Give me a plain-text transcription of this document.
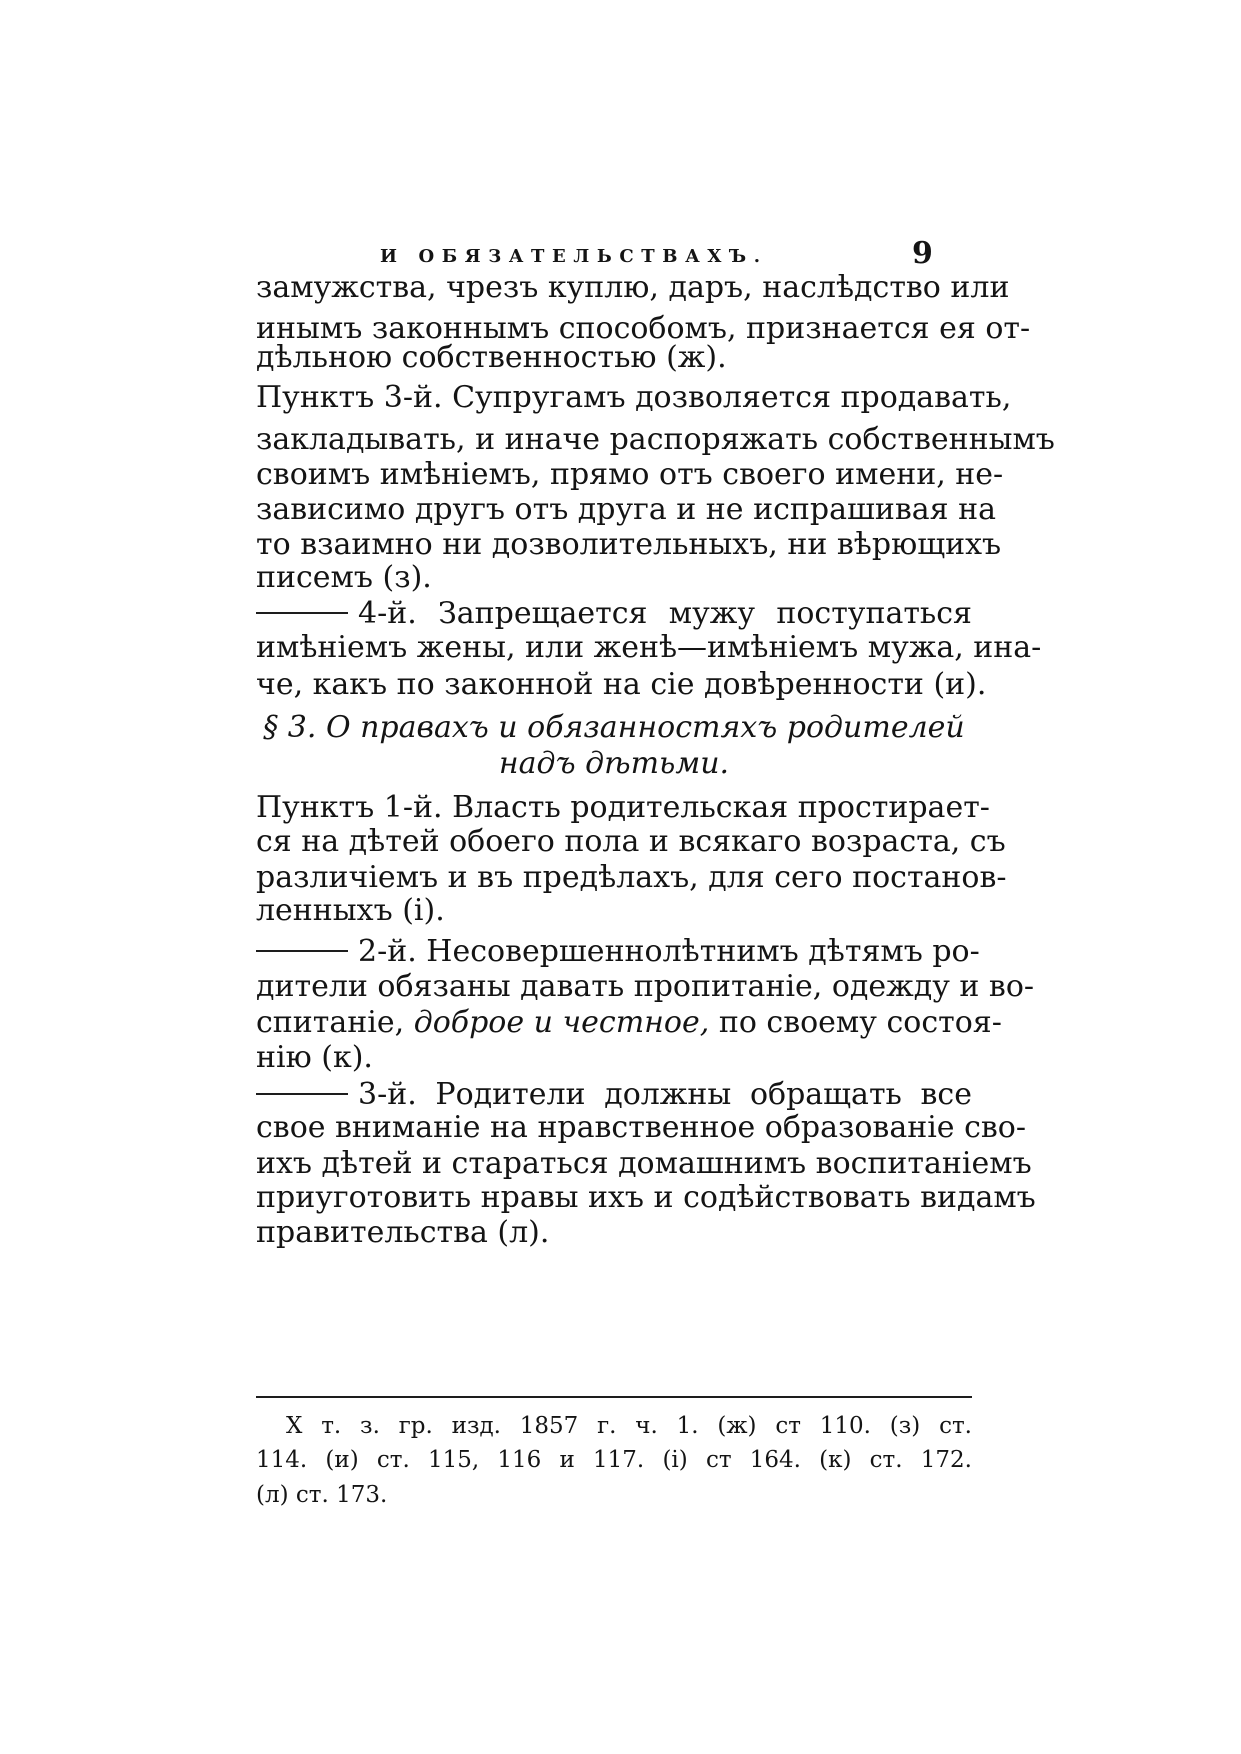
И ОБЯЗАТЕЛЬСТВАХЪ.	9
замужства, чрезъ куплю, даръ, наслѣдство или
инымъ законнымъ способомъ, признается ея от-
дѣльною собственностью (ж).
Пунктъ 3-й. Супругамъ дозволяется продавать,
закладывать, и иначе распоряжать собственнымъ
своимъ имѣніемъ, прямо отъ своего имени, не-
зависимо другъ отъ друга и не испрашивая на
то взаимно ни дозволительныхъ, ни вѣрющихъ
писемъ (з).
4-й. Запрещается мужу поступаться
имѣніемъ жены, или женѣ—имѣніемъ мужа, ина-
че, какъ по законной на сіе довѣренности (и).
§ 3. О правахъ и обязанностяхъ родителей
надъ дѣтьми.
Пунктъ 1-й. Власть родительская простирает-
ся на дѣтей обоего пола и всякаго возраста, съ
различіемъ и въ предѣлахъ, для сего постанов-
ленныхъ (і).
2-й. Несовершеннолѣтнимъ дѣтямъ ро-
дители обязаны давать пропитаніе, одежду и во-
спитаніе, доброе и честное, по своему состоя-
нію (к).
3-й. Родители должны обращать все
свое вниманіе на нравственное образованіе сво-
ихъ дѣтей и стараться домашнимъ воспитаніемъ
приуготовить нравы ихъ и содѣйствовать видамъ
правительства (л).
X т. з. гр. изд. 1857 г. ч. 1. (ж) ст 110. (з) ст.
114. (и) ст. 115, 116 и 117. (і) ст 164. (к) ст. 172.
(л) ст. 173.
